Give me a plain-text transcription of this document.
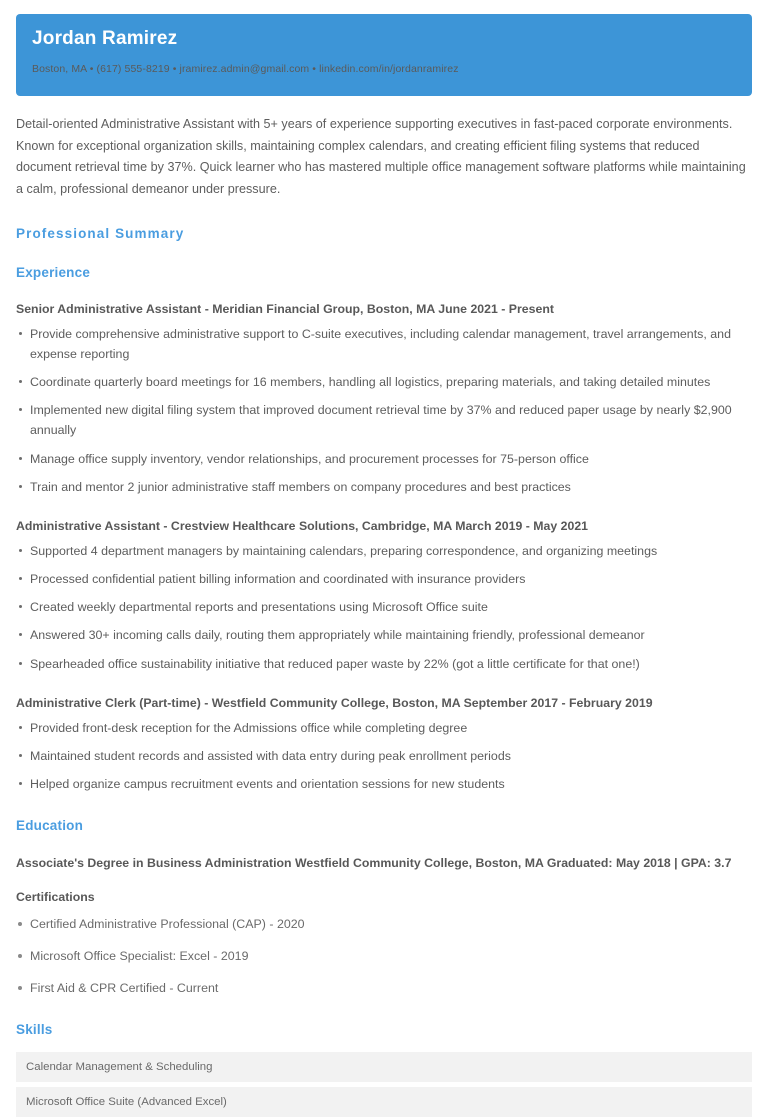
Jordan Ramirez

Boston, MA • (617) 555-8219 • jramirez.admin@gmail.com • linkedin.com/in/jordanramirez

Detail-oriented Administrative Assistant with 5+ years of experience supporting executives in fast-paced corporate environments. Known for exceptional organization skills, maintaining complex calendars, and creating efficient filing systems that reduced document retrieval time by 37%. Quick learner who has mastered multiple office management software platforms while maintaining a calm, professional demeanor under pressure.

Professional Summary
Experience
Senior Administrative Assistant - Meridian Financial Group, Boston, MA June 2021 - Present
Provide comprehensive administrative support to C-suite executives, including calendar management, travel arrangements, and expense reporting
Coordinate quarterly board meetings for 16 members, handling all logistics, preparing materials, and taking detailed minutes
Implemented new digital filing system that improved document retrieval time by 37% and reduced paper usage by nearly $2,900 annually
Manage office supply inventory, vendor relationships, and procurement processes for 75-person office
Train and mentor 2 junior administrative staff members on company procedures and best practices
Administrative Assistant - Crestview Healthcare Solutions, Cambridge, MA March 2019 - May 2021
Supported 4 department managers by maintaining calendars, preparing correspondence, and organizing meetings
Processed confidential patient billing information and coordinated with insurance providers
Created weekly departmental reports and presentations using Microsoft Office suite
Answered 30+ incoming calls daily, routing them appropriately while maintaining friendly, professional demeanor
Spearheaded office sustainability initiative that reduced paper waste by 22% (got a little certificate for that one!)
Administrative Clerk (Part-time) - Westfield Community College, Boston, MA September 2017 - February 2019
Provided front-desk reception for the Admissions office while completing degree
Maintained student records and assisted with data entry during peak enrollment periods
Helped organize campus recruitment events and orientation sessions for new students
Education

Associate's Degree in Business Administration Westfield Community College, Boston, MA Graduated: May 2018 | GPA: 3.7

Certifications
Certified Administrative Professional (CAP) - 2020
Microsoft Office Specialist: Excel - 2019
First Aid & CPR Certified - Current
Skills
Calendar Management & Scheduling
Microsoft Office Suite (Advanced Excel)
